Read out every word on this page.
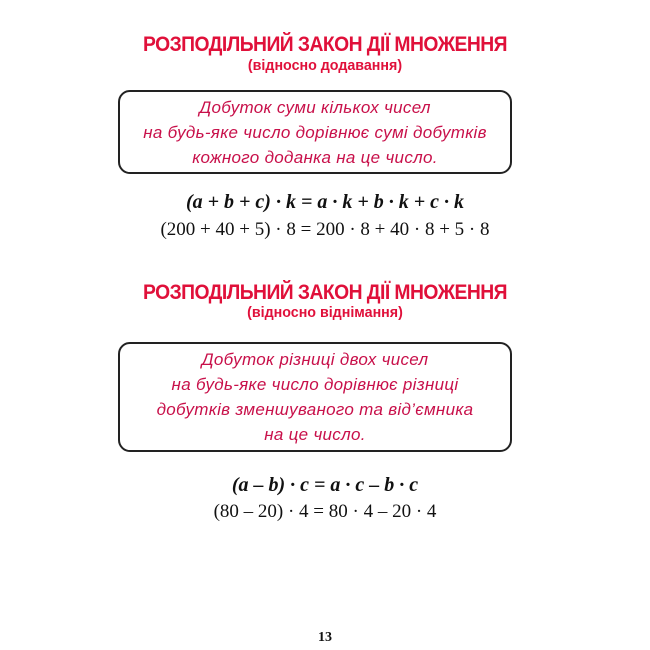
РОЗПОДІЛЬНИЙ ЗАКОН ДІЇ МНОЖЕННЯ
(відносно додавання)
Добуток суми кількох чисел
на будь-яке число дорівнює сумі добутків
кожного доданка на це число.
(a + b + c) · k = a · k + b · k + c · k
(200 + 40 + 5) · 8 = 200 · 8 + 40 · 8 + 5 · 8
РОЗПОДІЛЬНИЙ ЗАКОН ДІЇ МНОЖЕННЯ
(відносно віднімання)
Добуток різниці двох чисел
на будь-яке число дорівнює різниці
добутків зменшуваного та від’ємника
на це число.
(a – b) · c = a · c – b · c
(80 – 20) · 4 = 80 · 4 – 20 · 4
13
